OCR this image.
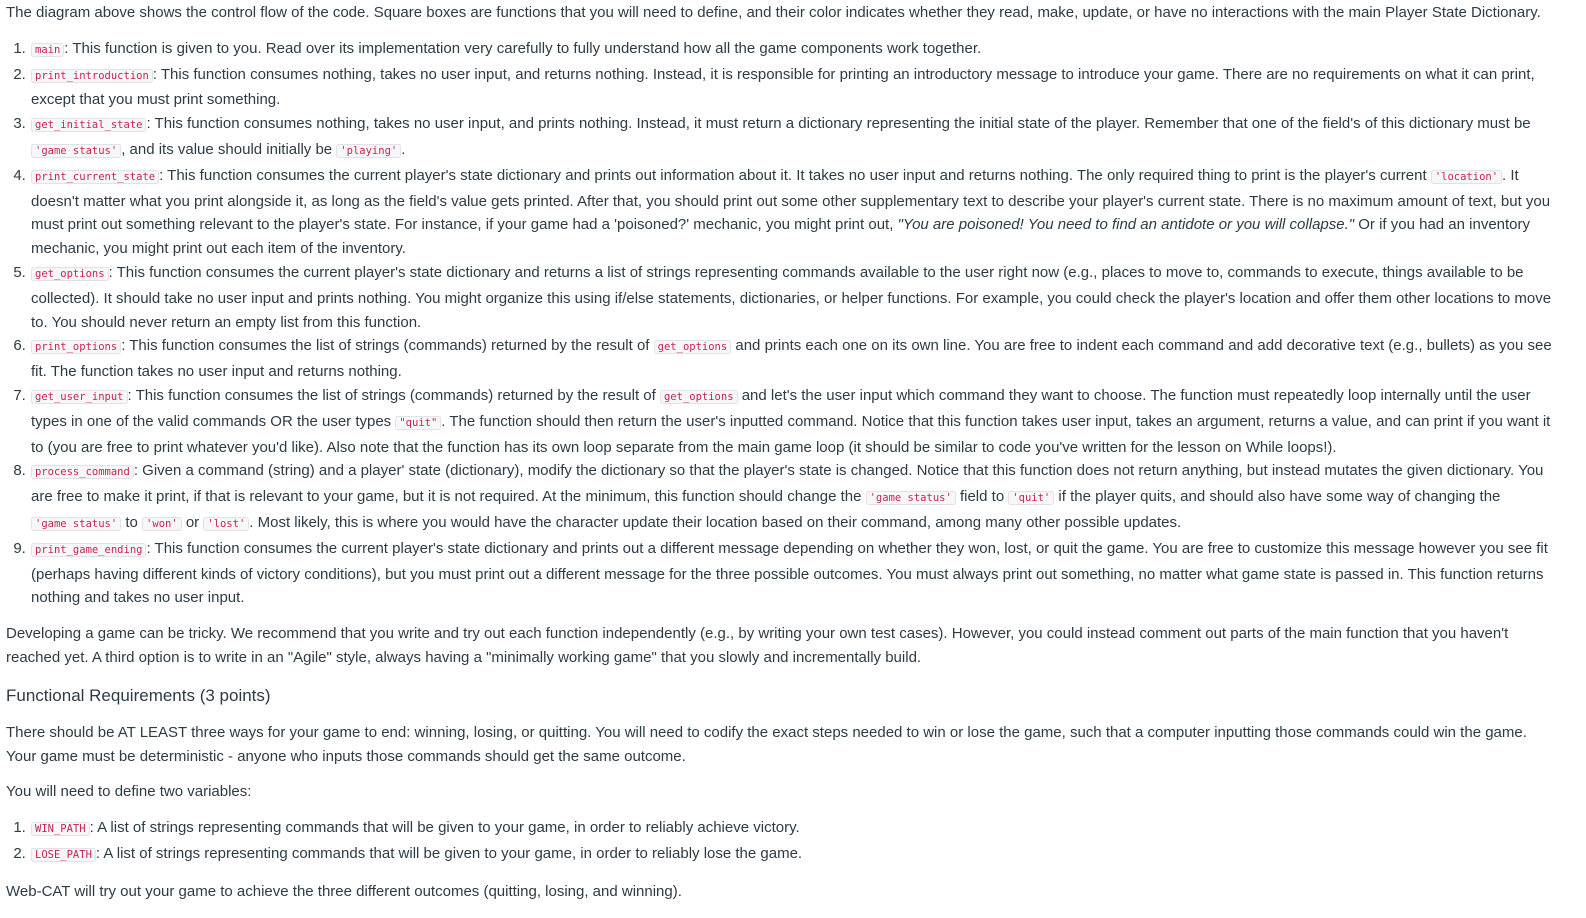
The diagram above shows the control flow of the code. Square boxes are functions that you will need to define, and their color indicates whether they read, make, update, or have no interactions with the main Player State Dictionary.

1. main : This function is given to you. Read over its implementation very carefully to fully understand how all the game components work together.
2. print_introduction : This function consumes nothing, takes no user input, and returns nothing. Instead, it is responsible for printing an introductory message to introduce your game. There are no requirements on what it can print, except that you must print something.
3. get_initial_state : This function consumes nothing, takes no user input, and prints nothing. Instead, it must return a dictionary representing the initial state of the player. Remember that one of the field's of this dictionary must be 'game status' , and its value should initially be 'playing' .
4. print_current_state : This function consumes the current player's state dictionary and prints out information about it. It takes no user input and returns nothing. The only required thing to print is the player's current 'location' . It doesn't matter what you print alongside it, as long as the field's value gets printed. After that, you should print out some other supplementary text to describe your player's current state. There is no maximum amount of text, but you must print out something relevant to the player's state. For instance, if your game had a 'poisoned?' mechanic, you might print out, "You are poisoned! You need to find an antidote or you will collapse." Or if you had an inventory mechanic, you might print out each item of the inventory.
5. get_options : This function consumes the current player's state dictionary and returns a list of strings representing commands available to the user right now (e.g., places to move to, commands to execute, things available to be collected). It should take no user input and prints nothing. You might organize this using if/else statements, dictionaries, or helper functions. For example, you could check the player's location and offer them other locations to move to. You should never return an empty list from this function.
6. print_options : This function consumes the list of strings (commands) returned by the result of get_options and prints each one on its own line. You are free to indent each command and add decorative text (e.g., bullets) as you see fit. The function takes no user input and returns nothing.
7. get_user_input : This function consumes the list of strings (commands) returned by the result of get_options and let's the user input which command they want to choose. The function must repeatedly loop internally until the user types in one of the valid commands OR the user types "quit" . The function should then return the user's inputted command. Notice that this function takes user input, takes an argument, returns a value, and can print if you want it to (you are free to print whatever you'd like). Also note that the function has its own loop separate from the main game loop (it should be similar to code you've written for the lesson on While loops!).
8. process_command : Given a command (string) and a player' state (dictionary), modify the dictionary so that the player's state is changed. Notice that this function does not return anything, but instead mutates the given dictionary. You are free to make it print, if that is relevant to your game, but it is not required. At the minimum, this function should change the 'game status' field to 'quit' if the player quits, and should also have some way of changing the 'game status' to 'won' or 'lost' . Most likely, this is where you would have the character update their location based on their command, among many other possible updates.
9. print_game_ending : This function consumes the current player's state dictionary and prints out a different message depending on whether they won, lost, or quit the game. You are free to customize this message however you see fit (perhaps having different kinds of victory conditions), but you must print out a different message for the three possible outcomes. You must always print out something, no matter what game state is passed in. This function returns nothing and takes no user input.

Developing a game can be tricky. We recommend that you write and try out each function independently (e.g., by writing your own test cases). However, you could instead comment out parts of the main function that you haven't reached yet. A third option is to write in an "Agile" style, always having a "minimally working game" that you slowly and incrementally build.

Functional Requirements (3 points)

There should be AT LEAST three ways for your game to end: winning, losing, or quitting. You will need to codify the exact steps needed to win or lose the game, such that a computer inputting those commands could win the game. Your game must be deterministic - anyone who inputs those commands should get the same outcome.

You will need to define two variables:

1. WIN_PATH : A list of strings representing commands that will be given to your game, in order to reliably achieve victory.
2. LOSE_PATH : A list of strings representing commands that will be given to your game, in order to reliably lose the game.

Web-CAT will try out your game to achieve the three different outcomes (quitting, losing, and winning).
